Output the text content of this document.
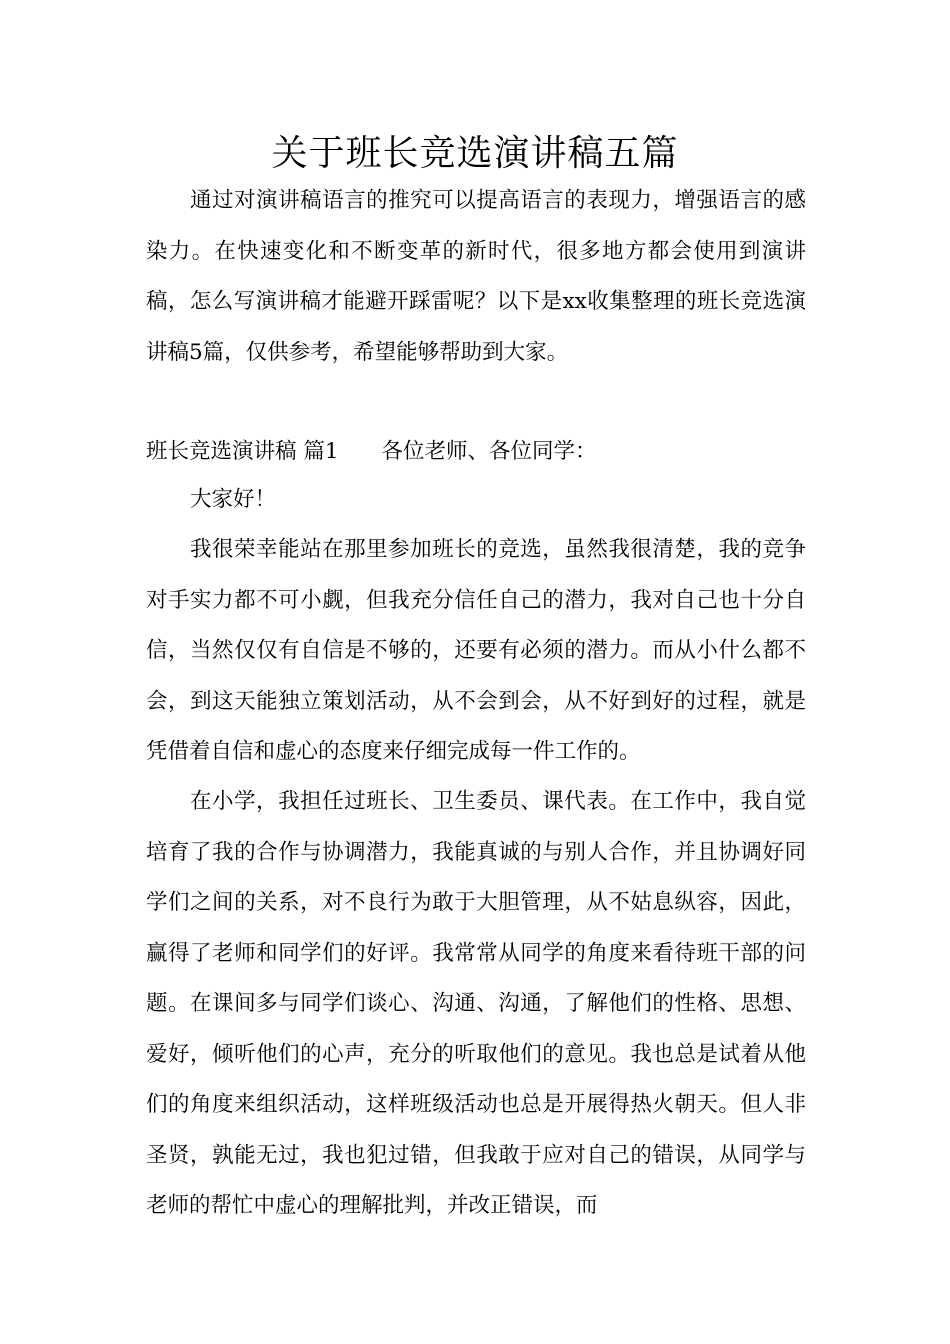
关于班长竞选演讲稿五篇

通过对演讲稿语言的推究可以提高语言的表现力，增强语言的感染力。在快速变化和不断变革的新时代，很多地方都会使用到演讲稿，怎么写演讲稿才能避开踩雷呢？以下是xx收集整理的班长竞选演讲稿5篇，仅供参考，希望能够帮助到大家。

班长竞选演讲稿 篇1　　各位老师、各位同学：

大家好！

我很荣幸能站在那里参加班长的竞选，虽然我很清楚，我的竞争对手实力都不可小觑，但我充分信任自己的潜力，我对自己也十分自信，当然仅仅有自信是不够的，还要有必须的潜力。而从小什么都不会，到这天能独立策划活动，从不会到会，从不好到好的过程，就是凭借着自信和虚心的态度来仔细完成每一件工作的。

在小学，我担任过班长、卫生委员、课代表。在工作中，我自觉培育了我的合作与协调潜力，我能真诚的与别人合作，并且协调好同学们之间的关系，对不良行为敢于大胆管理，从不姑息纵容，因此，赢得了老师和同学们的好评。我常常从同学的角度来看待班干部的问题。在课间多与同学们谈心、沟通、沟通，了解他们的性格、思想、爱好，倾听他们的心声，充分的听取他们的意见。我也总是试着从他们的角度来组织活动，这样班级活动也总是开展得热火朝天。但人非圣贤，孰能无过，我也犯过错，但我敢于应对自己的错误，从同学与老师的帮忙中虚心的理解批判，并改正错误，而
